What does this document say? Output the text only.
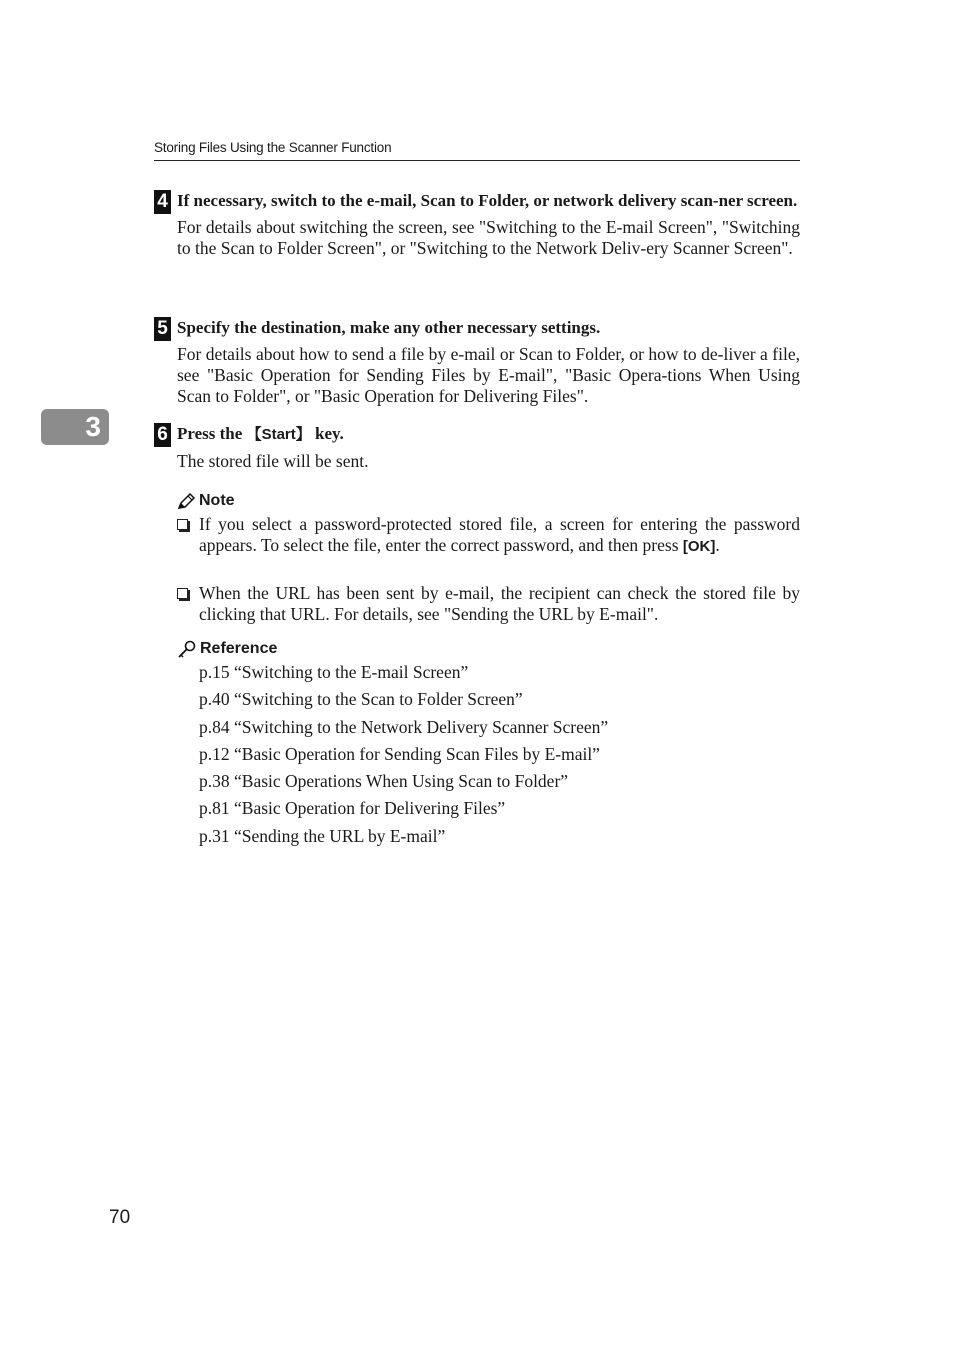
Storing Files Using the Scanner Function
3
4 If necessary, switch to the e-mail, Scan to Folder, or network delivery scan-ner screen.
For details about switching the screen, see "Switching to the E-mail Screen", "Switching to the Scan to Folder Screen", or "Switching to the Network Deliv-ery Scanner Screen".
5 Specify the destination, make any other necessary settings.
For details about how to send a file by e-mail or Scan to Folder, or how to de-liver a file, see "Basic Operation for Sending Files by E-mail", "Basic Opera-tions When Using Scan to Folder", or "Basic Operation for Delivering Files".
6 Press the 【Start】 key.
The stored file will be sent.
Note
If you select a password-protected stored file, a screen for entering the password appears. To select the file, enter the correct password, and then press [OK].
When the URL has been sent by e-mail, the recipient can check the stored file by clicking that URL. For details, see "Sending the URL by E-mail".
Reference
p.15 “Switching to the E-mail Screen”
p.40 “Switching to the Scan to Folder Screen”
p.84 “Switching to the Network Delivery Scanner Screen”
p.12 “Basic Operation for Sending Scan Files by E-mail”
p.38 “Basic Operations When Using Scan to Folder”
p.81 “Basic Operation for Delivering Files”
p.31 “Sending the URL by E-mail”
70
